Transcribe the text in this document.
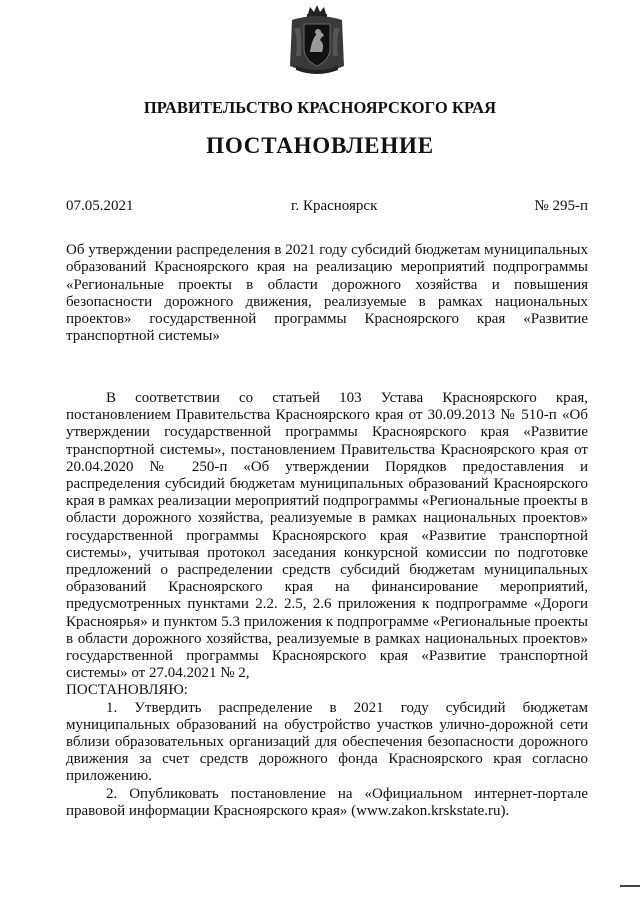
ПРАВИТЕЛЬСТВО КРАСНОЯРСКОГО КРАЯ
ПОСТАНОВЛЕНИЕ
07.05.2021	г. Красноярск	№ 295-п
Об утверждении распределения в 2021 году субсидий бюджетам муниципальных образований Красноярского края на реализацию мероприятий подпрограммы «Региональные проекты в области дорожного хозяйства и повышения безопасности дорожного движения, реализуемые в рамках национальных проектов» государственной программы Красноярского края «Развитие транспортной системы»

В соответствии со статьей 103 Устава Красноярского края, постановлением Правительства Красноярского края от 30.09.2013 № 510-п «Об утверждении государственной программы Красноярского края «Развитие транспортной системы», постановлением Правительства Красноярского края от 20.04.2020 № 250-п «Об утверждении Порядков предоставления и распределения субсидий бюджетам муниципальных образований Красноярского края в рамках реализации мероприятий подпрограммы «Региональные проекты в области дорожного хозяйства, реализуемые в рамках национальных проектов» государственной программы Красноярского края «Развитие транспортной системы», учитывая протокол заседания конкурсной комиссии по подготовке предложений о распределении средств субсидий бюджетам муниципальных образований Красноярского края на финансирование мероприятий, предусмотренных пунктами 2.2. 2.5, 2.6 приложения к подпрограмме «Дороги Красноярья» и пунктом 5.3 приложения к подпрограмме «Региональные проекты в области дорожного хозяйства, реализуемые в рамках национальных проектов» государственной программы Красноярского края «Развитие транспортной системы» от 27.04.2021 № 2,
ПОСТАНОВЛЯЮ:

1. Утвердить распределение в 2021 году субсидий бюджетам муниципальных образований на обустройство участков улично-дорожной сети вблизи образовательных организаций для обеспечения безопасности дорожного движения за счет средств дорожного фонда Красноярского края согласно приложению.

2. Опубликовать постановление на «Официальном интернет-портале правовой информации Красноярского края» (www.zakon.krskstate.ru).
